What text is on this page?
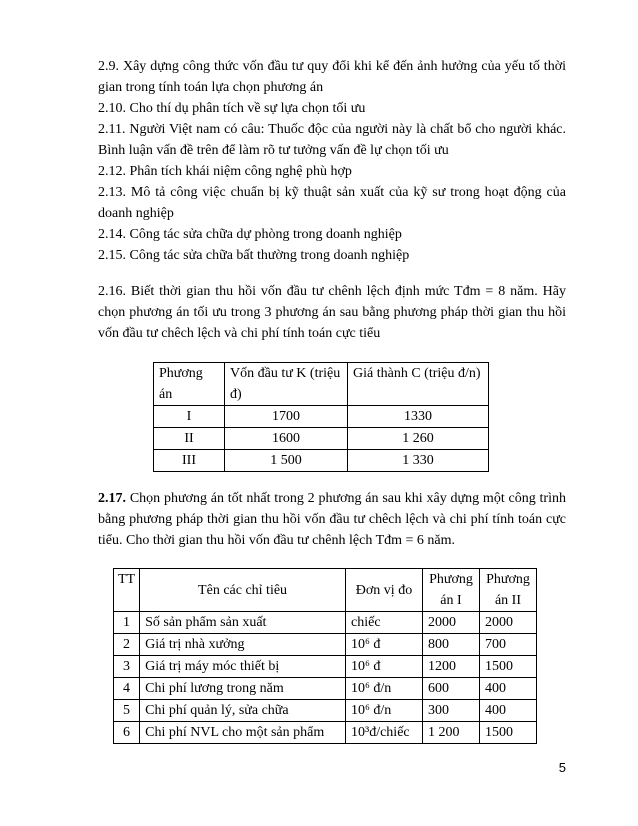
2.9. Xây dựng công thức vốn đầu tư quy đổi khi kể đến ảnh hưởng của yếu tố thời gian trong tính toán lựa chọn phương án
2.10. Cho thí dụ phân tích về sự lựa chọn tối ưu
2.11. Người Việt nam có câu: Thuốc độc của người này là chất bổ cho người khác. Bình luận vấn đề trên để làm rõ tư tưởng vấn đề lự chọn tối ưu
2.12. Phân tích khái niệm công nghệ phù hợp
2.13. Mô tả công việc chuẩn bị kỹ thuật sản xuất của kỹ sư trong hoạt động của doanh nghiệp
2.14. Công tác sửa chữa dự phòng trong doanh nghiệp
2.15. Công tác sửa chữa bất thường trong doanh nghiệp
2.16. Biết thời gian thu hồi vốn đầu tư chênh lệch định mức Tđm = 8 năm. Hãy chọn phương án tối ưu trong 3 phương án sau bằng phương pháp thời gian thu hồi vốn đầu tư chêch lệch và chi phí tính toán cực tiểu
Phương án	Vốn đầu tư K (triệu đ)	Giá thành C (triệu đ/n)
I	1700	1330
II	1600	1 260
III	1 500	1 330
2.17. Chọn phương án tốt nhất trong 2 phương án sau khi xây dựng một công trình bằng phương pháp thời gian thu hồi vốn đầu tư chêch lệch và chi phí tính toán cực tiểu. Cho thời gian thu hồi vốn đầu tư chênh lệch Tđm = 6 năm.
TT	Tên các chỉ tiêu	Đơn vị đo	Phương án I	Phương án II
1	Số sản phẩm sản xuất	chiếc	2000	2000
2	Giá trị nhà xưởng	10⁶ đ	800	700
3	Giá trị máy móc thiết bị	10⁶ đ	1200	1500
4	Chi phí lương trong năm	10⁶ đ/n	600	400
5	Chi phí quản lý, sửa chữa	10⁶ đ/n	300	400
6	Chi phí NVL cho một sản phẩm	10³đ/chiếc	1 200	1500
5
